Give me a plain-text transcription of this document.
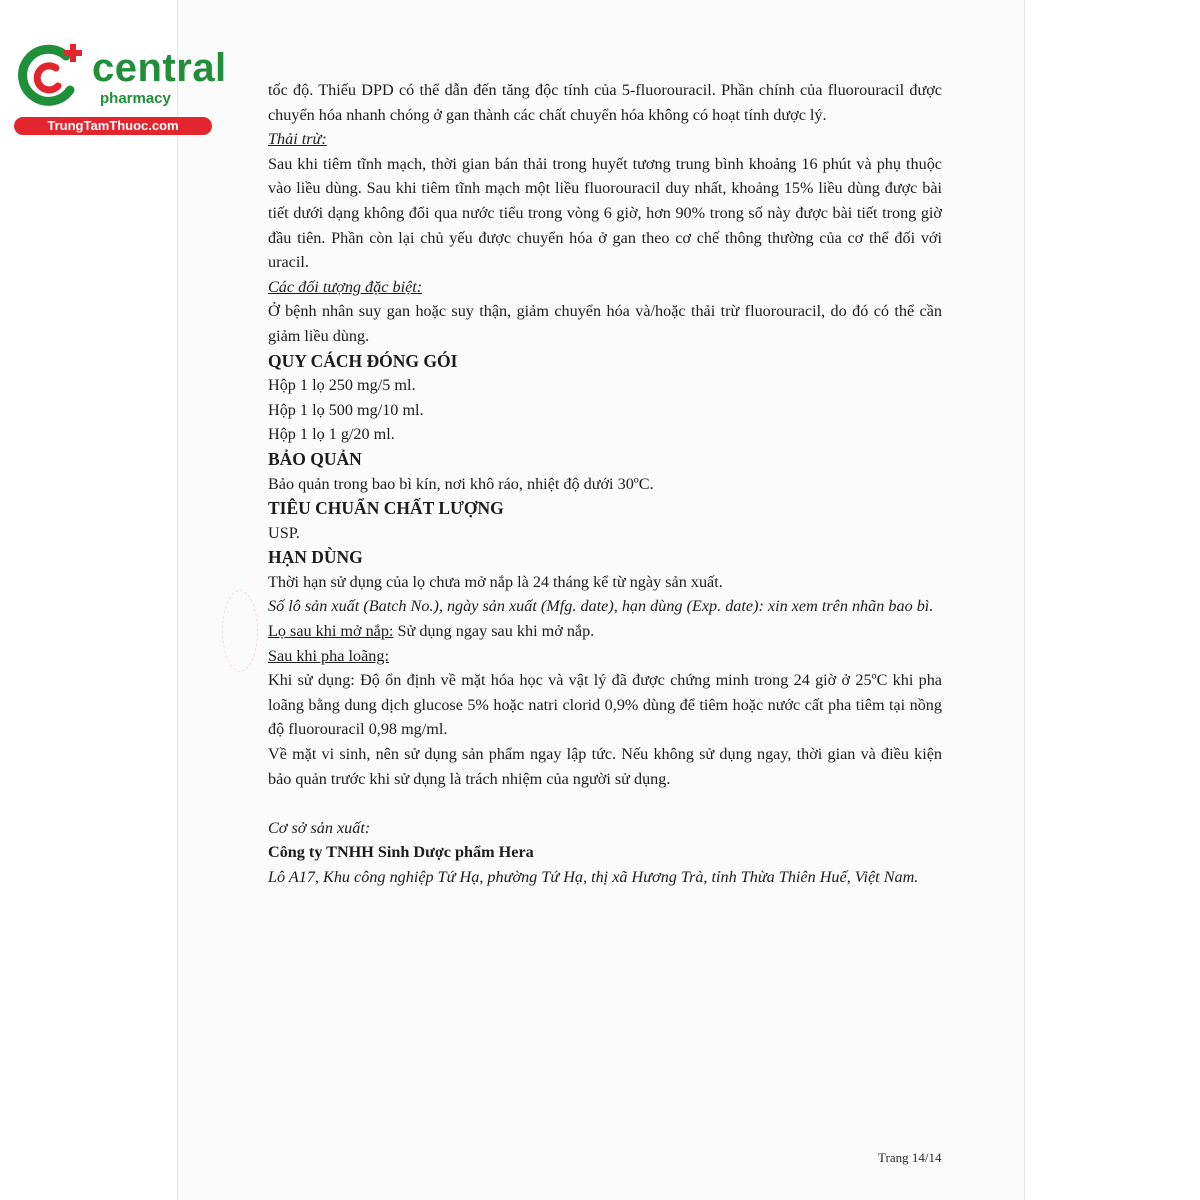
central
pharmacy
TrungTamThuoc.com

tốc độ. Thiếu DPD có thể dẫn đến tăng độc tính của 5-fluorouracil. Phần chính của fluorouracil được chuyển hóa nhanh chóng ở gan thành các chất chuyển hóa không có hoạt tính dược lý.

Thải trừ:

Sau khi tiêm tĩnh mạch, thời gian bán thải trong huyết tương trung bình khoảng 16 phút và phụ thuộc vào liều dùng. Sau khi tiêm tĩnh mạch một liều fluorouracil duy nhất, khoảng 15% liều dùng được bài tiết dưới dạng không đổi qua nước tiểu trong vòng 6 giờ, hơn 90% trong số này được bài tiết trong giờ đầu tiên. Phần còn lại chủ yếu được chuyển hóa ở gan theo cơ chế thông thường của cơ thể đối với uracil.

Các đối tượng đặc biệt:

Ở bệnh nhân suy gan hoặc suy thận, giảm chuyển hóa và/hoặc thải trừ fluorouracil, do đó có thể cần giảm liều dùng.

QUY CÁCH ĐÓNG GÓI

Hộp 1 lọ 250 mg/5 ml.

Hộp 1 lọ 500 mg/10 ml.

Hộp 1 lọ 1 g/20 ml.

BẢO QUẢN

Bảo quản trong bao bì kín, nơi khô ráo, nhiệt độ dưới 30ºC.

TIÊU CHUẨN CHẤT LƯỢNG

USP.

HẠN DÙNG

Thời hạn sử dụng của lọ chưa mở nắp là 24 tháng kể từ ngày sản xuất.

Số lô sản xuất (Batch No.), ngày sản xuất (Mfg. date), hạn dùng (Exp. date): xin xem trên nhãn bao bì.

Lọ sau khi mở nắp: Sử dụng ngay sau khi mở nắp.

Sau khi pha loãng:

Khi sử dụng: Độ ổn định về mặt hóa học và vật lý đã được chứng minh trong 24 giờ ở 25ºC khi pha loãng bằng dung dịch glucose 5% hoặc natri clorid 0,9% dùng để tiêm hoặc nước cất pha tiêm tại nồng độ fluorouracil 0,98 mg/ml.

Về mặt vi sinh, nên sử dụng sản phẩm ngay lập tức. Nếu không sử dụng ngay, thời gian và điều kiện bảo quản trước khi sử dụng là trách nhiệm của người sử dụng.

Cơ sở sản xuất:

Công ty TNHH Sinh Dược phẩm Hera

Lô A17, Khu công nghiệp Tứ Hạ, phường Tứ Hạ, thị xã Hương Trà, tỉnh Thừa Thiên Huế, Việt Nam.

Trang 14/14
